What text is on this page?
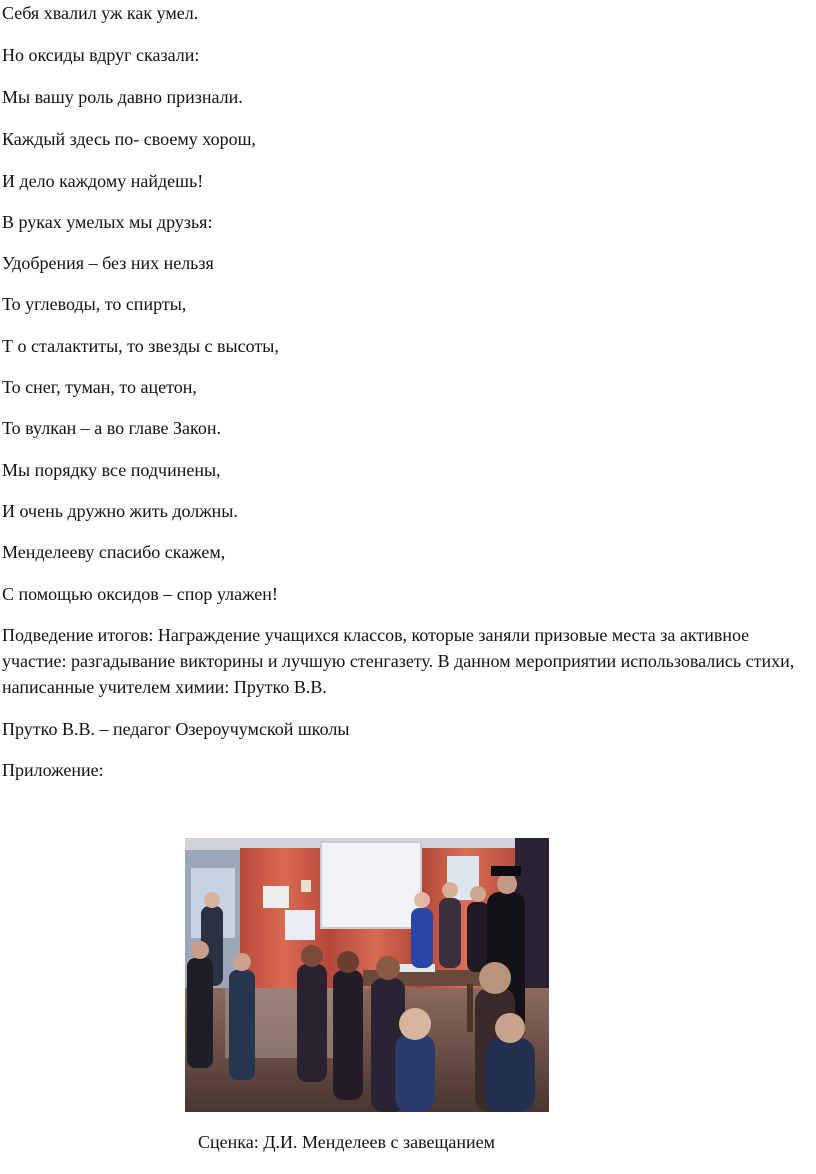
Себя хвалил уж как умел.

Но оксиды вдруг сказали:

Мы вашу роль давно признали.

Каждый здесь по- своему хорош,

И дело каждому найдешь!

В руках умелых мы друзья:

Удобрения – без них нельзя

То углеводы, то спирты,

Т о сталактиты, то звезды с высоты,

То снег, туман, то ацетон,

То вулкан – а во главе Закон.

Мы порядку все подчинены,

И очень дружно жить должны.

Менделееву спасибо скажем,

С помощью оксидов – спор улажен!

Подведение итогов: Награждение учащихся классов, которые заняли призовые места за активное участие: разгадывание викторины и лучшую стенгазету. В данном мероприятии использовались стихи, написанные учителем химии: Прутко В.В.

Прутко В.В. – педагог Озероучумской школы

Приложение:

Сценка: Д.И. Менделеев с завещанием
